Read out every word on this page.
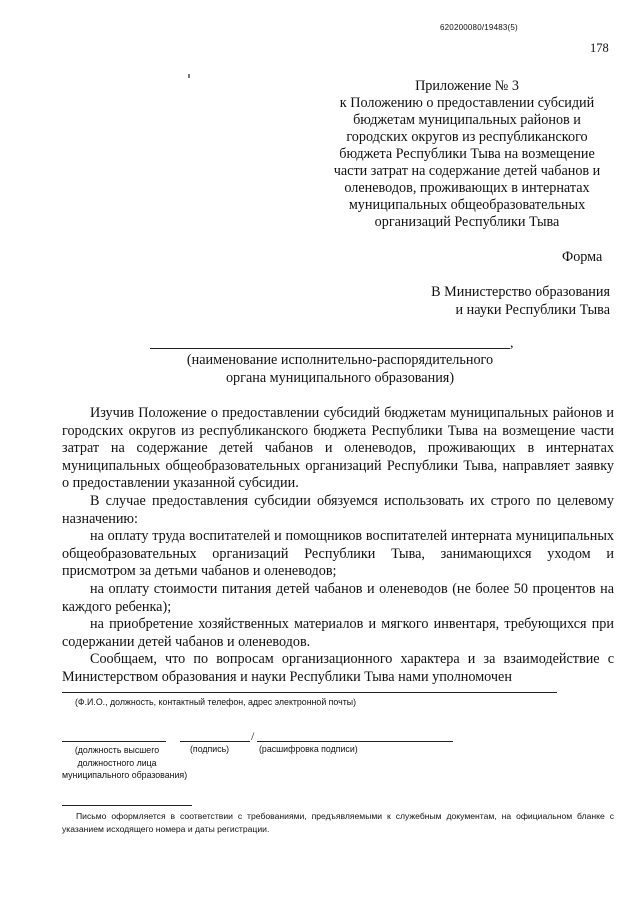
620200080/19483(5)
178
Приложение № 3
к Положению о предоставлении субсидий
бюджетам муниципальных районов и
городских округов из республиканского
бюджета Республики Тыва на возмещение
части затрат на содержание детей чабанов и
оленеводов, проживающих в интернатах
муниципальных общеобразовательных
организаций Республики Тыва
Форма
В Министерство образования
и науки Республики Тыва
,
(наименование исполнительно-распорядительного
органа муниципального образования)

Изучив Положение о предоставлении субсидий бюджетам муниципальных районов и городских округов из республиканского бюджета Республики Тыва на возмещение части затрат на содержание детей чабанов и оленеводов, проживающих в интернатах муниципальных общеобразовательных организаций Республики Тыва, направляет заявку о предоставлении указанной субсидии.

В случае предоставления субсидии обязуемся использовать их строго по целевому назначению:

на оплату труда воспитателей и помощников воспитателей интерната муниципальных общеобразовательных организаций Республики Тыва, занимающихся уходом и присмотром за детьми чабанов и оленеводов;

на оплату стоимости питания детей чабанов и оленеводов (не более 50 процентов на каждого ребенка);

на приобретение хозяйственных материалов и мягкого инвентаря, требующихся при содержании детей чабанов и оленеводов.

Сообщаем, что по вопросам организационного характера и за взаимодействие с Министерством образования и науки Республики Тыва нами уполномочен

(Ф.И.О., должность, контактный телефон, адрес электронной почты)
/
(должность высшего
должностного лица
муниципального образования)
(подпись)	(расшифровка подписи)
Письмо оформляется в соответствии с требованиями, предъявляемыми к служебным документам, на официальном бланке с указанием исходящего номера и даты регистрации.
